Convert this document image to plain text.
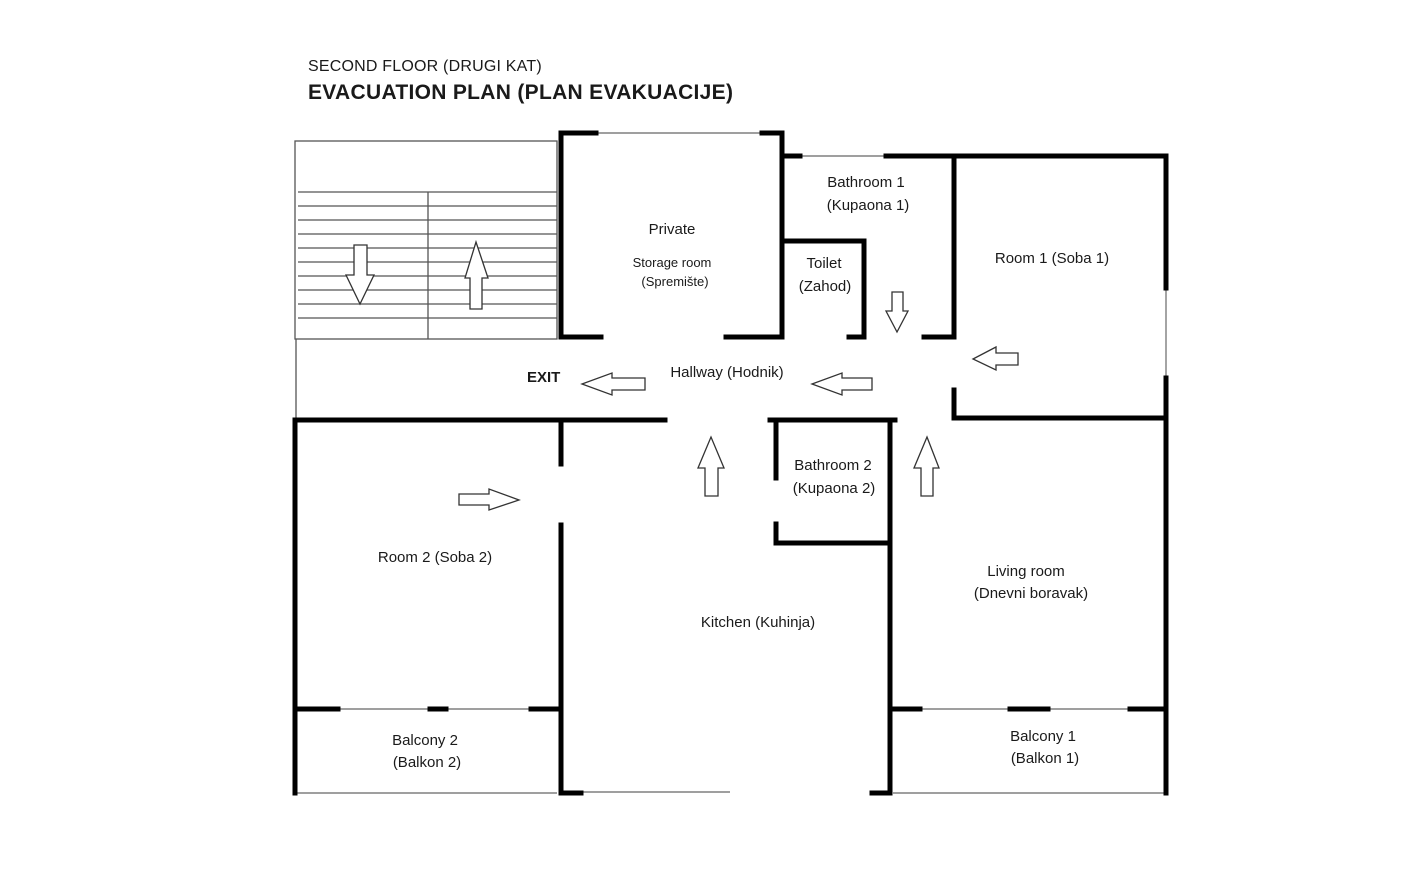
SECOND FLOOR (DRUGI KAT)
EVACUATION PLAN (PLAN EVAKUACIJE)
EXIT
Private
Storage room
(Spremište)
Bathroom 1
(Kupaona 1)
Toilet
(Zahod)
Room 1 (Soba 1)
Hallway (Hodnik)
Bathroom 2
(Kupaona 2)
Room 2 (Soba 2)
Kitchen (Kuhinja)
Living room
(Dnevni boravak)
Balcony 2
(Balkon 2)
Balcony 1
(Balkon 1)
